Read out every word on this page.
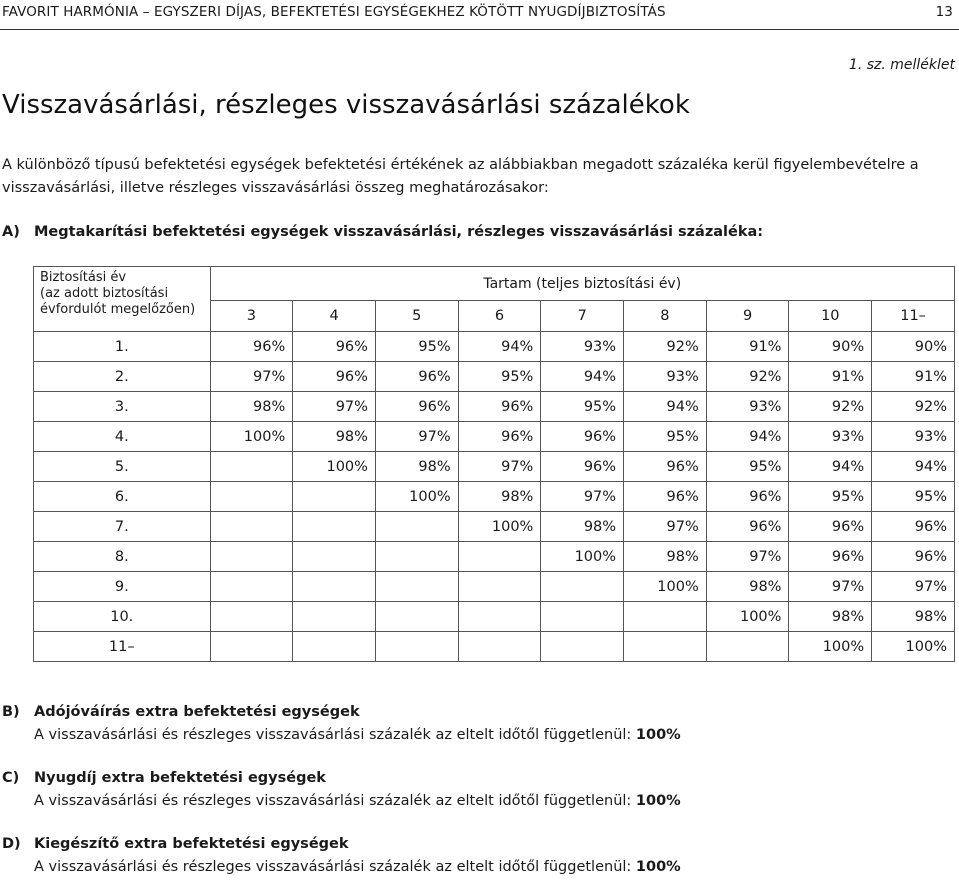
FAVORIT HARMÓNIA – EGYSZERI DÍJAS, BEFEKTETÉSI EGYSÉGEKHEZ KÖTÖTT NYUGDÍJBIZTOSÍTÁS	13
1. sz. melléklet
Visszavásárlási, részleges visszavásárlási százalékok

A különböző típusú befektetési egységek befektetési értékének az alábbiakban megadott százaléka kerül figyelembevételre a visszavásárlási, illetve részleges visszavásárlási összeg meghatározásakor:

A) Megtakarítási befektetési egységek visszavásárlási, részleges visszavásárlási százaléka:

Biztosítási év
(az adott biztosítási
évfordulót megelőzően)	Tartam (teljes biztosítási év)								
	3	4	5	6	7	8	9	10	11–
1.	96%	96%	95%	94%	93%	92%	91%	90%	90%
2.	97%	96%	96%	95%	94%	93%	92%	91%	91%
3.	98%	97%	96%	96%	95%	94%	93%	92%	92%
4.	100%	98%	97%	96%	96%	95%	94%	93%	93%
5.		100%	98%	97%	96%	96%	95%	94%	94%
6.			100%	98%	97%	96%	96%	95%	95%
7.				100%	98%	97%	96%	96%	96%
8.					100%	98%	97%	96%	96%
9.						100%	98%	97%	97%
10.							100%	98%	98%
11–								100%	100%
B) Adójóváírás extra befektetési egységek
A visszavásárlási és részleges visszavásárlási százalék az eltelt időtől függetlenül: 100%
C) Nyugdíj extra befektetési egységek
A visszavásárlási és részleges visszavásárlási százalék az eltelt időtől függetlenül: 100%
D) Kiegészítő extra befektetési egységek
A visszavásárlási és részleges visszavásárlási százalék az eltelt időtől függetlenül: 100%
